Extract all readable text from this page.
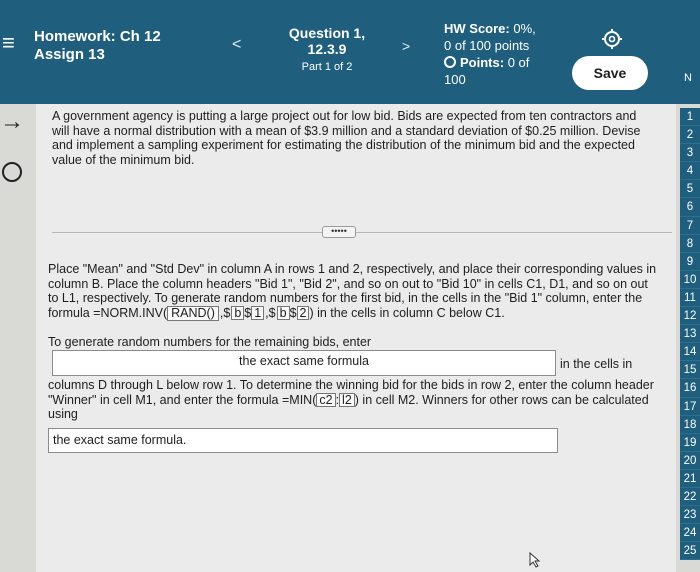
≡ Homework: Ch 12
Assign 13
<
Question 1,
12.3.9
Part 1 of 2
>
HW Score: 0%,
0 of 100 points
Points: 0 of
100	Save	N
→ A government agency is putting a large project out for low bid. Bids are expected from ten contractors and will have a normal distribution with a mean of $3.9 million and a standard deviation of $0.25 million. Devise and implement a sampling experiment for estimating the distribution of the minimum bid and the expected value of the minimum bid.
•••••
Place "Mean" and "Std Dev" in column A in rows 1 and 2, respectively, and place their corresponding values in column B. Place the column headers "Bid 1", "Bid 2", and so on out to "Bid 10" in cells C1, D1, and so on out to L1, respectively. To generate random numbers for the first bid, in the cells in the "Bid 1" column, enter the formula =NORM.INV( RAND() ,$ b $ 1 ,$ b $ 2 ) in the cells in column C below C1.
To generate random numbers for the remaining bids, enter
the exact same formula	in the cells in
columns D through L below row 1. To determine the winning bid for the bids in row 2, enter the column header "Winner" in cell M1, and enter the formula =MIN( c2 : l2 ) in cell M2. Winners for other rows can be calculated using
the exact same formula.
1
2
3
4
5
6
7
8
9
10
11
12
13
14
15
16
17
18
19
20
21
22
23
24
25
